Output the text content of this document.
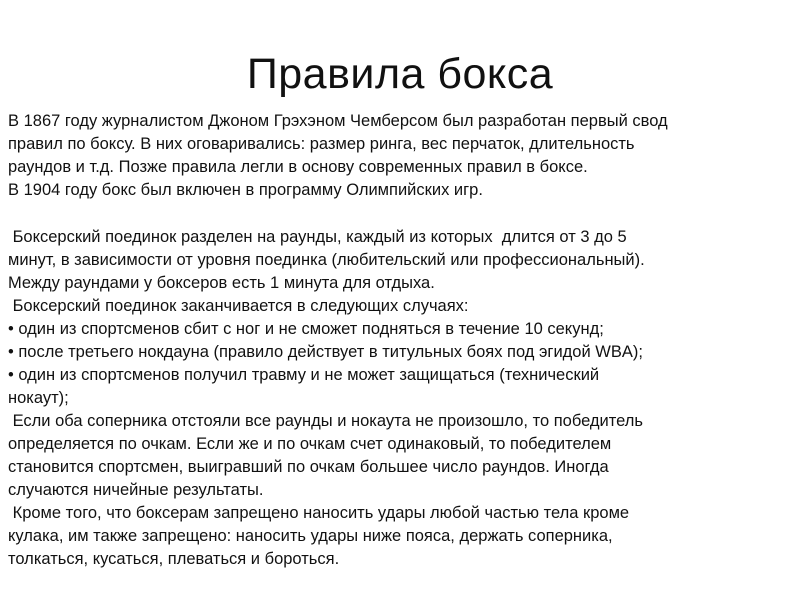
Правила бокса

В 1867 году журналистом Джоном Грэхэном Чемберсом был разработан первый свод

правил по боксу. В них оговаривались: размер ринга, вес перчаток, длительность

раундов и т.д. Позже правила легли в основу современных правил в боксе.

В 1904 году бокс был включен в программу Олимпийских игр.

Боксерский поединок разделен на раунды, каждый из которых  длится от 3 до 5

минут, в зависимости от уровня поединка (любительский или профессиональный).

Между раундами у боксеров есть 1 минута для отдыха.

Боксерский поединок заканчивается в следующих случаях:

• один из спортсменов сбит с ног и не сможет подняться в течение 10 секунд;

• после третьего нокдауна (правило действует в титульных боях под эгидой WBA);

• один из спортсменов получил травму и не может защищаться (технический

нокаут);

Если оба соперника отстояли все раунды и нокаута не произошло, то победитель

определяется по очкам. Если же и по очкам счет одинаковый, то победителем

становится спортсмен, выигравший по очкам большее число раундов. Иногда

случаются ничейные результаты.

Кроме того, что боксерам запрещено наносить удары любой частью тела кроме

кулака, им также запрещено: наносить удары ниже пояса, держать соперника,

толкаться, кусаться, плеваться и бороться.
